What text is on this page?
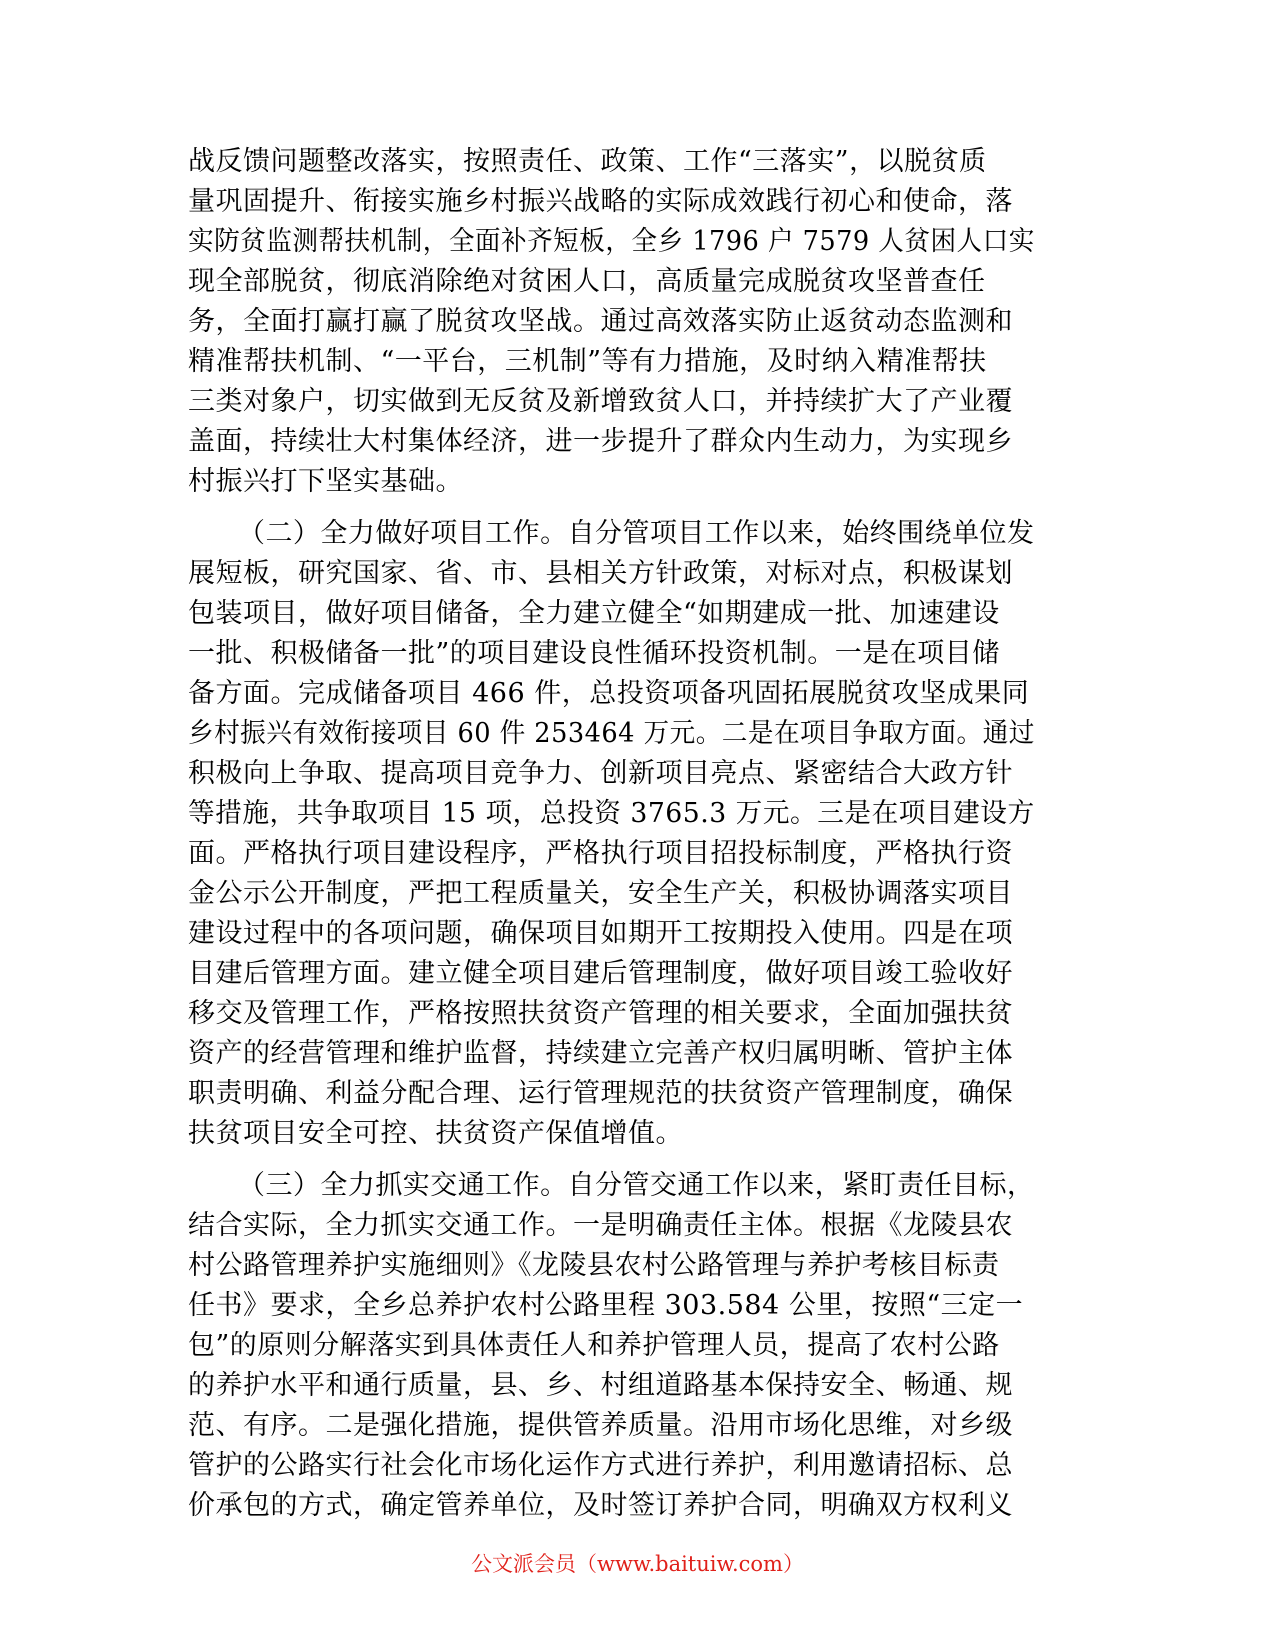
战反馈问题整改落实，按照责任、政策、工作“三落实”，以脱贫质
量巩固提升、衔接实施乡村振兴战略的实际成效践行初心和使命，落
实防贫监测帮扶机制，全面补齐短板，全乡 1796 户 7579 人贫困人口实
现全部脱贫，彻底消除绝对贫困人口，高质量完成脱贫攻坚普查任
务，全面打赢打赢了脱贫攻坚战。通过高效落实防止返贫动态监测和
精准帮扶机制、“一平台，三机制”等有力措施，及时纳入精准帮扶
三类对象户，切实做到无反贫及新增致贫人口，并持续扩大了产业覆
盖面，持续壮大村集体经济，进一步提升了群众内生动力，为实现乡
村振兴打下坚实基础。
（二）全力做好项目工作。自分管项目工作以来，始终围绕单位发
展短板，研究国家、省、市、县相关方针政策，对标对点，积极谋划
包装项目，做好项目储备，全力建立健全“如期建成一批、加速建设
一批、积极储备一批”的项目建设良性循环投资机制。一是在项目储
备方面。完成储备项目 466 件，总投资项备巩固拓展脱贫攻坚成果同
乡村振兴有效衔接项目 60 件 253464 万元。二是在项目争取方面。通过
积极向上争取、提高项目竞争力、创新项目亮点、紧密结合大政方针
等措施，共争取项目 15 项，总投资 3765.3 万元。三是在项目建设方
面。严格执行项目建设程序，严格执行项目招投标制度，严格执行资
金公示公开制度，严把工程质量关，安全生产关，积极协调落实项目
建设过程中的各项问题，确保项目如期开工按期投入使用。四是在项
目建后管理方面。建立健全项目建后管理制度，做好项目竣工验收好
移交及管理工作，严格按照扶贫资产管理的相关要求，全面加强扶贫
资产的经营管理和维护监督，持续建立完善产权归属明晰、管护主体
职责明确、利益分配合理、运行管理规范的扶贫资产管理制度，确保
扶贫项目安全可控、扶贫资产保值增值。
（三）全力抓实交通工作。自分管交通工作以来，紧盯责任目标，
结合实际，全力抓实交通工作。一是明确责任主体。根据《龙陵县农
村公路管理养护实施细则》《龙陵县农村公路管理与养护考核目标责
任书》要求，全乡总养护农村公路里程 303.584 公里，按照“三定一
包”的原则分解落实到具体责任人和养护管理人员，提高了农村公路
的养护水平和通行质量，县、乡、村组道路基本保持安全、畅通、规
范、有序。二是强化措施，提供管养质量。沿用市场化思维，对乡级
管护的公路实行社会化市场化运作方式进行养护，利用邀请招标、总
价承包的方式，确定管养单位，及时签订养护合同，明确双方权利义
公文派会员（www.baituiw.com）
